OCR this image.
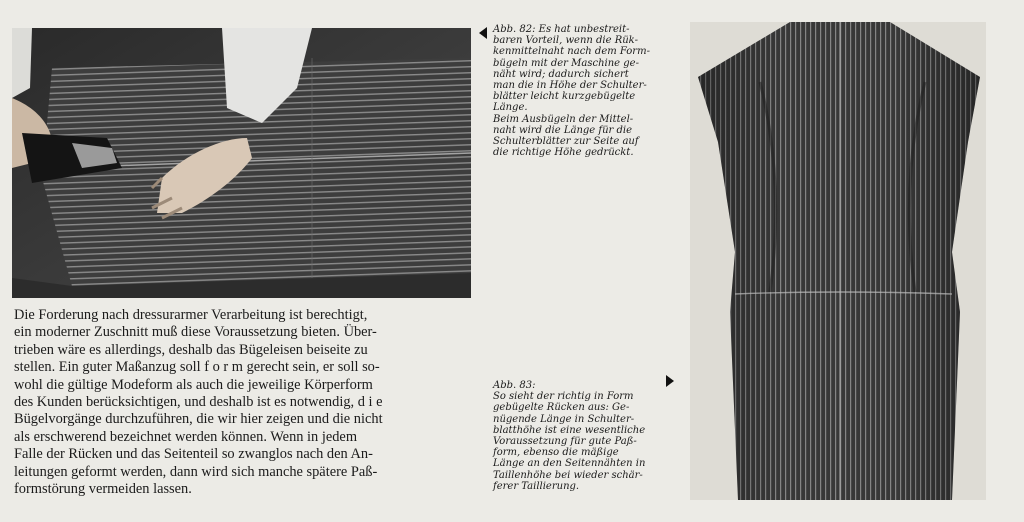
Abb. 82: Es hat unbestreit-
baren Vorteil, wenn die Rük-
kenmittelnaht nach dem Form-
bügeln mit der Maschine ge-
näht wird; dadurch sichert
man die in Höhe der Schulter-
blätter leicht kurzgebügelte
Länge.
Beim Ausbügeln der Mittel-
naht wird die Länge für die
Schulterblätter zur Seite auf
die richtige Höhe gedrückt.
Abb. 83:
So sieht der richtig in Form
gebügelte Rücken aus: Ge-
nügende Länge in Schulter-
blatthöhe ist eine wesentliche
Voraussetzung für gute Paß-
form, ebenso die mäßige
Länge an den Seitennähten in
Taillenhöhe bei wieder schär-
ferer Taillierung.
Die Forderung nach dressurarmer Verarbeitung ist berechtigt,
ein moderner Zuschnitt muß diese Voraussetzung bieten. Über-
trieben wäre es allerdings, deshalb das Bügeleisen beiseite zu
stellen. Ein guter Maßanzug soll f o r m gerecht sein, er soll so-
wohl die gültige Modeform als auch die jeweilige Körperform
des Kunden berücksichtigen, und deshalb ist es notwendig, d i e
Bügelvorgänge durchzuführen, die wir hier zeigen und die nicht
als erschwerend bezeichnet werden können. Wenn in jedem
Falle der Rücken und das Seitenteil so zwanglos nach den An-
leitungen geformt werden, dann wird sich manche spätere Paß-
formstörung vermeiden lassen.
